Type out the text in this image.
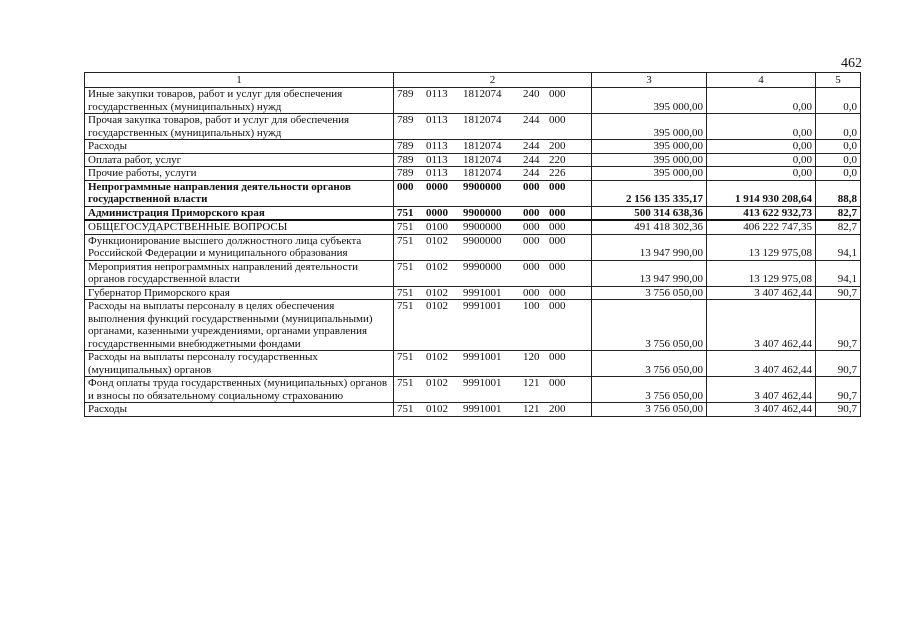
462
1	2	3	4	5
Иные закупки товаров, работ и услуг для обеспечения государственных (муниципальных) нужд	789 0113 1812074 240 000	395 000,00	0,00	0,0
Прочая закупка товаров, работ и услуг для обеспечения государственных (муниципальных) нужд	789 0113 1812074 244 000	395 000,00	0,00	0,0
Расходы	789 0113 1812074 244 200	395 000,00	0,00	0,0
Оплата работ, услуг	789 0113 1812074 244 220	395 000,00	0,00	0,0
Прочие работы, услуги	789 0113 1812074 244 226	395 000,00	0,00	0,0
Непрограммные направления деятельности органов государственной власти	000 0000 9900000 000 000	2 156 135 335,17	1 914 930 208,64	88,8
Администрация Приморского края	751 0000 9900000 000 000	500 314 638,36	413 622 932,73	82,7
ОБЩЕГОСУДАРСТВЕННЫЕ ВОПРОСЫ	751 0100 9900000 000 000	491 418 302,36	406 222 747,35	82,7
Функционирование высшего должностного лица субъекта Российской Федерации и муниципального образования	751 0102 9900000 000 000	13 947 990,00	13 129 975,08	94,1
Мероприятия непрограммных направлений деятельности органов государственной власти	751 0102 9990000 000 000	13 947 990,00	13 129 975,08	94,1
Губернатор Приморского края	751 0102 9991001 000 000	3 756 050,00	3 407 462,44	90,7
Расходы на выплаты персоналу в целях обеспечения выполнения функций государственными (муниципальными) органами, казенными учреждениями, органами управления государственными внебюджетными фондами	751 0102 9991001 100 000	3 756 050,00	3 407 462,44	90,7
Расходы на выплаты персоналу государственных (муниципальных) органов	751 0102 9991001 120 000	3 756 050,00	3 407 462,44	90,7
Фонд оплаты труда государственных (муниципальных) органов и взносы по обязательному социальному страхованию	751 0102 9991001 121 000	3 756 050,00	3 407 462,44	90,7
Расходы	751 0102 9991001 121 200	3 756 050,00	3 407 462,44	90,7
